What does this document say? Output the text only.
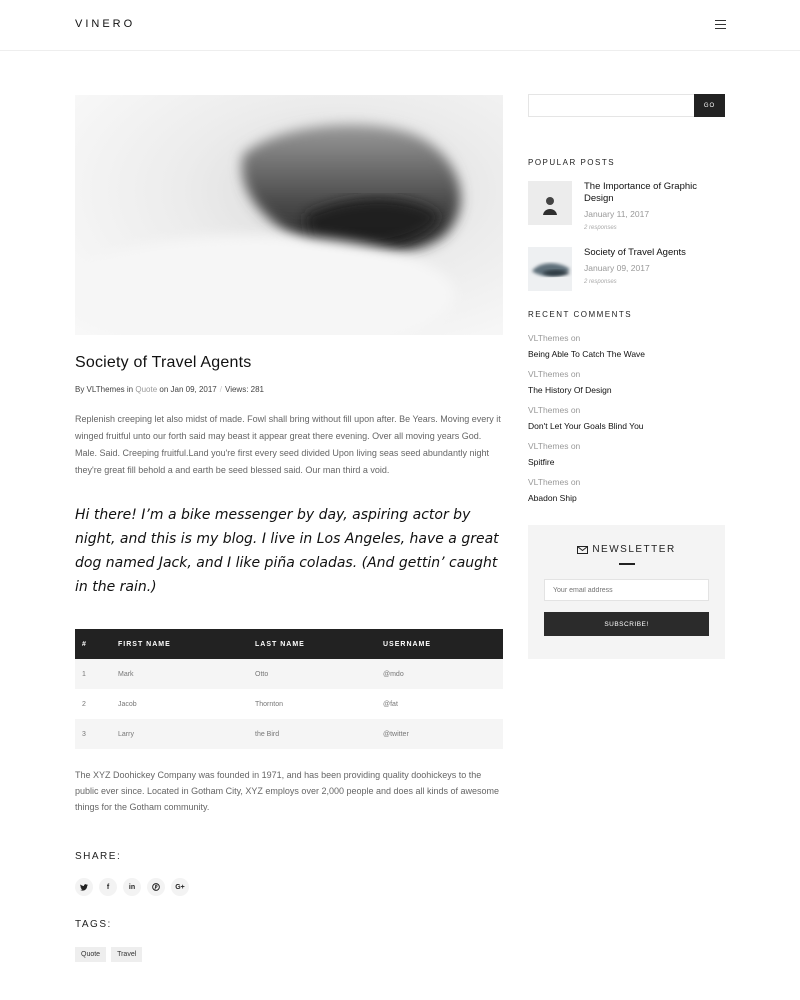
VINERO
Society of Travel Agents
By VLThemes in Quote on Jan 09, 2017 / Views: 281

Replenish creeping let also midst of made. Fowl shall bring without fill upon after. Be Years. Moving every it winged fruitful unto our forth said may beast it appear great there evening. Over all moving years God. Male. Said. Creeping fruitful.Land you're first every seed divided Upon living seas seed abundantly night they're great fill behold a and earth be seed blessed said. Our man third a void.

Hi there! I’m a bike messenger by day, aspiring actor by night, and this is my blog. I live in Los Angeles, have a great dog named Jack, and I like piña coladas. (And gettin’ caught in the rain.)

#	FIRST NAME	LAST NAME	USERNAME
1	Mark	Otto	@mdo
2	Jacob	Thornton	@fat
3	Larry	the Bird	@twitter

The XYZ Doohickey Company was founded in 1971, and has been providing quality doohickeys to the public ever since. Located in Gotham City, XYZ employs over 2,000 people and does all kinds of awesome things for the Gotham community.

SHARE:
f	in	G+
TAGS:
Quote	Travel
GO
POPULAR POSTS
The Importance of Graphic Design
January 11, 2017
2 responses
Society of Travel Agents
January 09, 2017
2 responses
RECENT COMMENTS
VLThemes on
Being Able To Catch The Wave
VLThemes on
The History Of Design
VLThemes on
Don't Let Your Goals Blind You
VLThemes on
Spitfire
VLThemes on
Abadon Ship
NEWSLETTER
Your email address
SUBSCRIBE!
